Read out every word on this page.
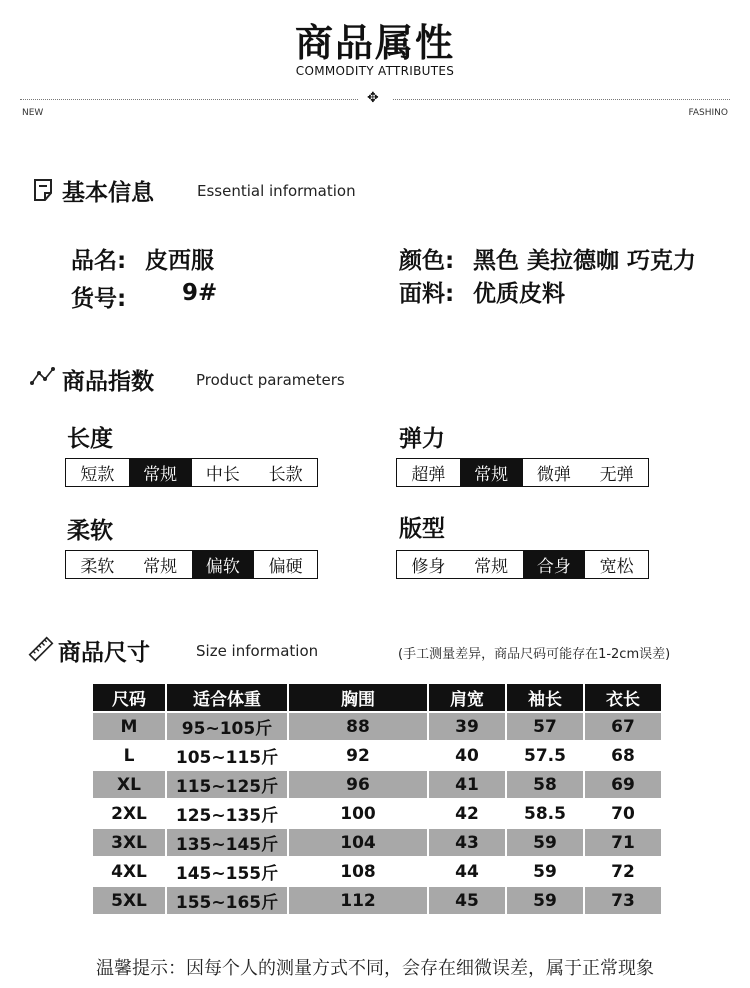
商品属性
COMMODITY ATTRIBUTES
✥
NEW	FASHINO
基本信息	Essential information
品名: 皮西服
货号: 9#
颜色: 黑色 美拉德咖 巧克力
面料: 优质皮料
商品指数	Product parameters
长度
短款	常规	中长	长款
弹力
超弹	常规	微弹	无弹
柔软
柔软	常规	偏软	偏硬
版型
修身	常规	合身	宽松
商品尺寸	Size information	(手工测量差异，商品尺码可能存在1-2cm误差)
尺码	适合体重	胸围	肩宽	袖长	衣长
M	95~105斤	88	39	57	67
L	105~115斤	92	40	57.5	68
XL	115~125斤	96	41	58	69
2XL	125~135斤	100	42	58.5	70
3XL	135~145斤	104	43	59	71
4XL	145~155斤	108	44	59	72
5XL	155~165斤	112	45	59	73
温馨提示：因每个人的测量方式不同，会存在细微误差，属于正常现象
